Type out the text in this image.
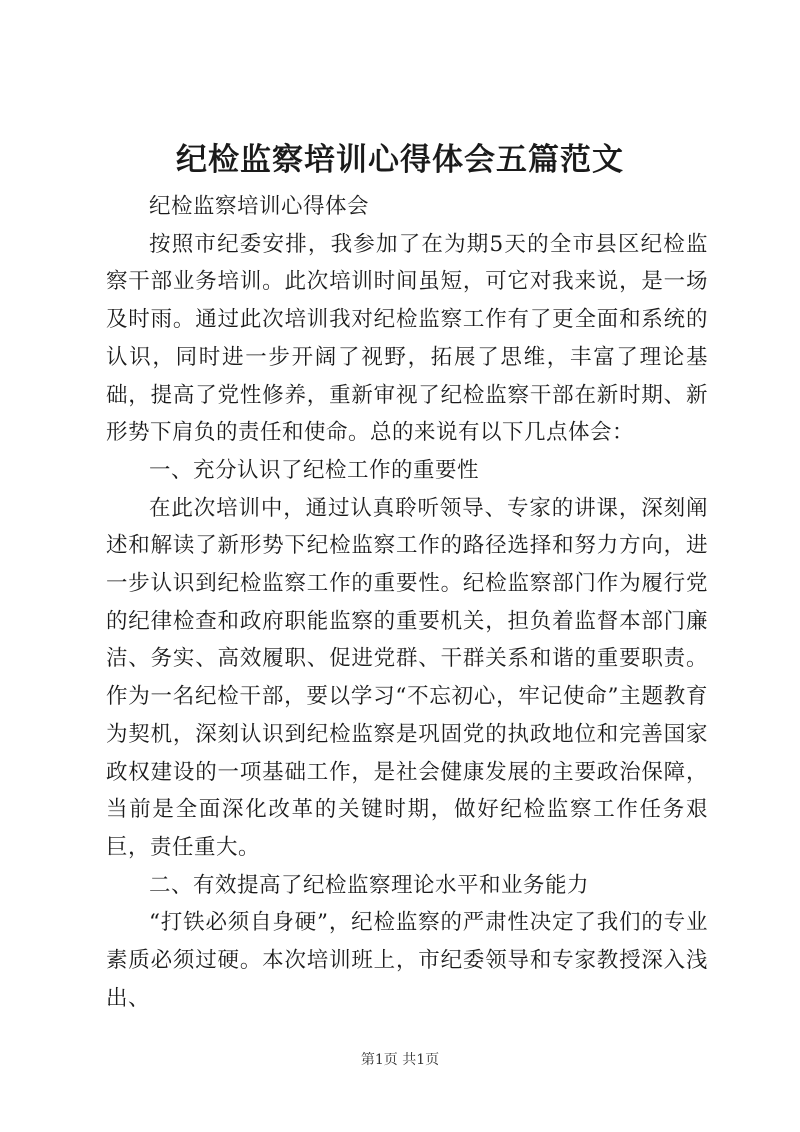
纪检监察培训心得体会五篇范文

纪检监察培训心得体会

按照市纪委安排，我参加了在为期5天的全市县区纪检监察干部业务培训。此次培训时间虽短，可它对我来说，是一场及时雨。通过此次培训我对纪检监察工作有了更全面和系统的认识，同时进一步开阔了视野，拓展了思维，丰富了理论基础，提高了党性修养，重新审视了纪检监察干部在新时期、新形势下肩负的责任和使命。总的来说有以下几点体会：

一、充分认识了纪检工作的重要性

在此次培训中，通过认真聆听领导、专家的讲课，深刻阐述和解读了新形势下纪检监察工作的路径选择和努力方向，进一步认识到纪检监察工作的重要性。纪检监察部门作为履行党的纪律检查和政府职能监察的重要机关，担负着监督本部门廉洁、务实、高效履职、促进党群、干群关系和谐的重要职责。作为一名纪检干部，要以学习“不忘初心，牢记使命”主题教育为契机，深刻认识到纪检监察是巩固党的执政地位和完善国家政权建设的一项基础工作，是社会健康发展的主要政治保障，当前是全面深化改革的关键时期，做好纪检监察工作任务艰巨，责任重大。

二、有效提高了纪检监察理论水平和业务能力

“打铁必须自身硬”，纪检监察的严肃性决定了我们的专业素质必须过硬。本次培训班上，市纪委领导和专家教授深入浅出、

第1页 共1页
